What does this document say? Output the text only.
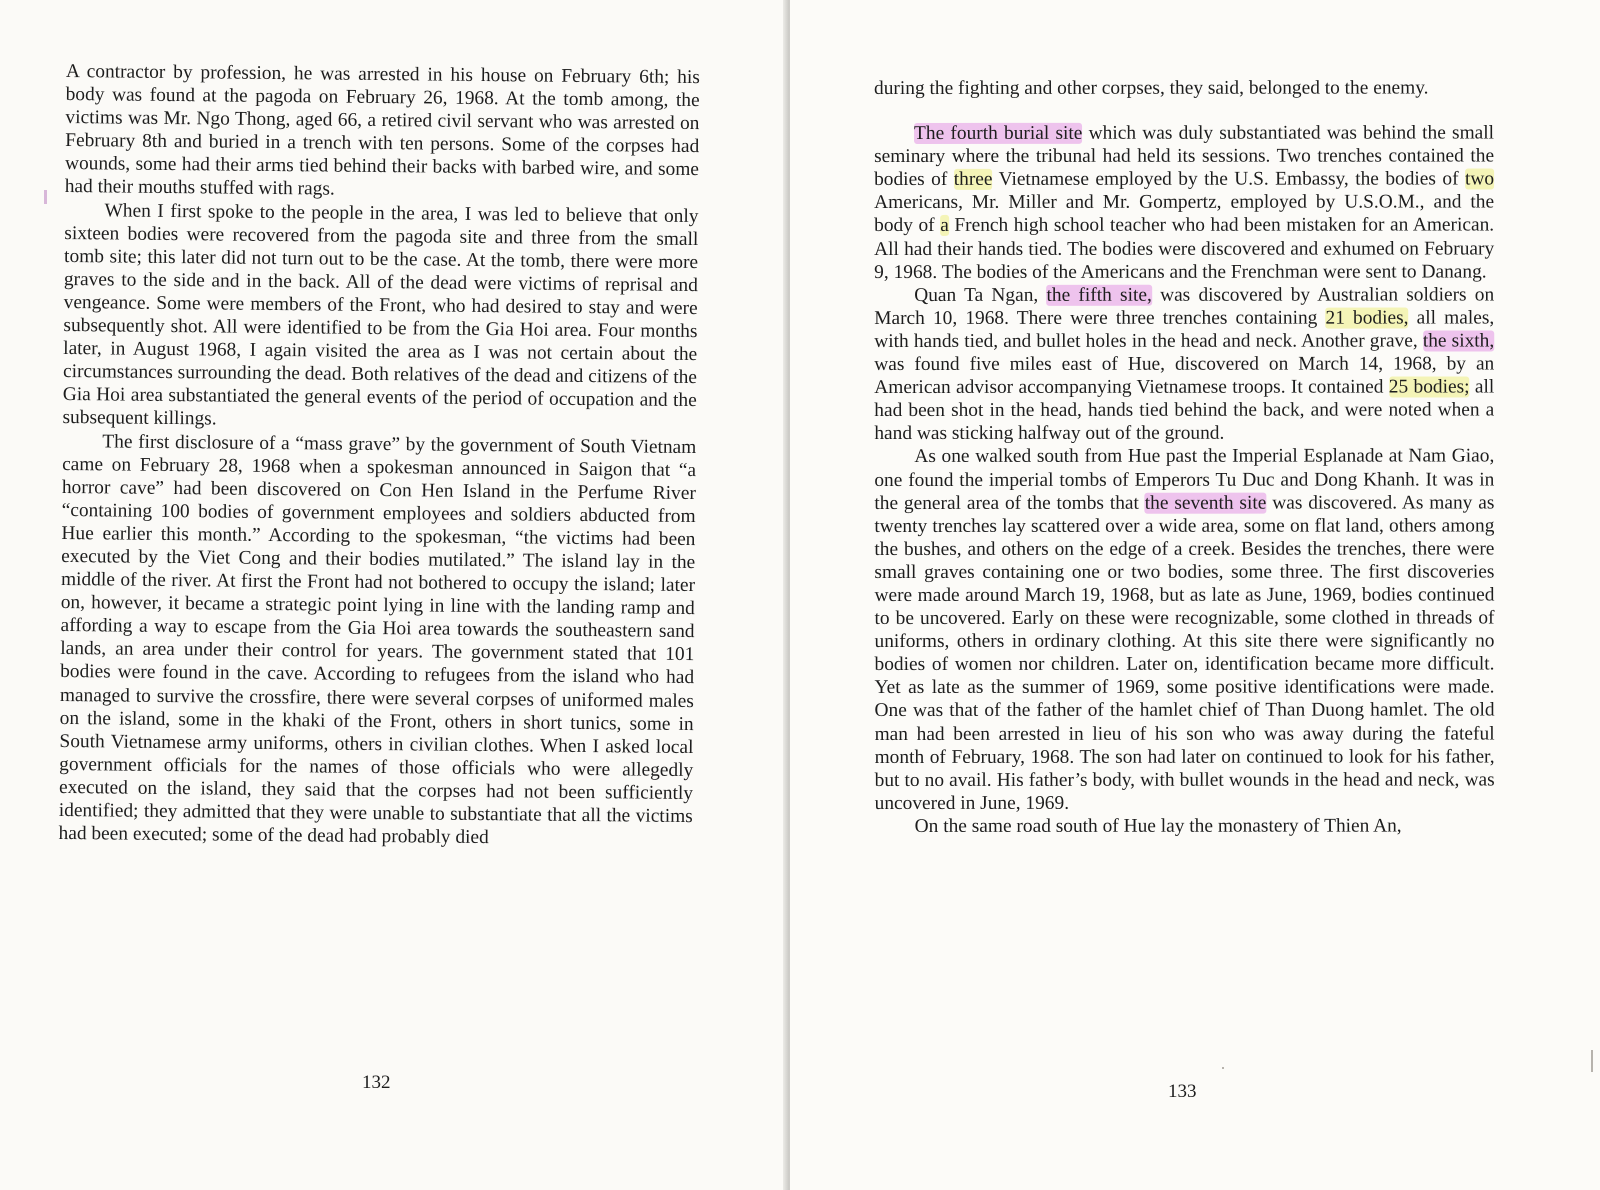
A contractor by profession, he was arrested in his house on February 6th; his body was found at the pagoda on February 26, 1968. At the tomb among, the victims was Mr. Ngo Thong, aged 66, a retired civil servant who was arrested on February 8th and buried in a trench with ten persons. Some of the corpses had wounds, some had their arms tied behind their backs with barbed wire, and some had their mouths stuffed with rags.

When I first spoke to the people in the area, I was led to believe that only sixteen bodies were recovered from the pagoda site and three from the small tomb site; this later did not turn out to be the case. At the tomb, there were more graves to the side and in the back. All of the dead were victims of reprisal and vengeance. Some were members of the Front, who had desired to stay and were subsequently shot. All were identified to be from the Gia Hoi area. Four months later, in August 1968, I again visited the area as I was not certain about the circumstances surrounding the dead. Both relatives of the dead and citizens of the Gia Hoi area substantiated the general events of the period of occupation and the subsequent killings.

The first disclosure of a “mass grave” by the government of South Vietnam came on February 28, 1968 when a spokesman announced in Saigon that “a horror cave” had been discovered on Con Hen Island in the Perfume River “containing 100 bodies of government employees and soldiers abducted from Hue earlier this month.” According to the spokesman, “the victims had been executed by the Viet Cong and their bodies mutilated.” The island lay in the middle of the river. At first the Front had not bothered to occupy the island; later on, however, it became a strategic point lying in line with the landing ramp and affording a way to escape from the Gia Hoi area towards the southeastern sand lands, an area under their control for years. The government stated that 101 bodies were found in the cave. According to refugees from the island who had managed to survive the crossfire, there were several corpses of uniformed males on the island, some in the khaki of the Front, others in short tunics, some in South Vietnamese army uniforms, others in civilian clothes. When I asked local government officials for the names of those officials who were allegedly executed on the island, they said that the corpses had not been sufficiently identified; they admitted that they were unable to substantiate that all the victims had been executed; some of the dead had probably died

132

during the fighting and other corpses, they said, belonged to the enemy.

The fourth burial site which was duly substantiated was behind the small seminary where the tribunal had held its sessions. Two trenches contained the bodies of three Vietnamese employed by the U.S. Embassy, the bodies of two Americans, Mr. Miller and Mr. Gompertz, employed by U.S.O.M., and the body of a French high school teacher who had been mistaken for an American. All had their hands tied. The bodies were discovered and exhumed on February 9, 1968. The bodies of the Americans and the Frenchman were sent to Danang.

Quan Ta Ngan, the fifth site, was discovered by Australian soldiers on March 10, 1968. There were three trenches containing 21 bodies, all males, with hands tied, and bullet holes in the head and neck. Another grave, the sixth, was found five miles east of Hue, discovered on March 14, 1968, by an American advisor accompanying Vietnamese troops. It contained 25 bodies; all had been shot in the head, hands tied behind the back, and were noted when a hand was sticking halfway out of the ground.

As one walked south from Hue past the Imperial Esplanade at Nam Giao, one found the imperial tombs of Emperors Tu Duc and Dong Khanh. It was in the general area of the tombs that the seventh site was discovered. As many as twenty trenches lay scattered over a wide area, some on flat land, others among the bushes, and others on the edge of a creek. Besides the trenches, there were small graves containing one or two bodies, some three. The first discoveries were made around March 19, 1968, but as late as June, 1969, bodies continued to be uncovered. Early on these were recognizable, some clothed in threads of uniforms, others in ordinary clothing. At this site there were significantly no bodies of women nor children. Later on, identification became more difficult. Yet as late as the summer of 1969, some positive identifications were made. One was that of the father of the hamlet chief of Than Duong hamlet. The old man had been arrested in lieu of his son who was away during the fateful month of February, 1968. The son had later on continued to look for his father, but to no avail. His father’s body, with bullet wounds in the head and neck, was uncovered in June, 1969.

On the same road south of Hue lay the monastery of Thien An,

133
